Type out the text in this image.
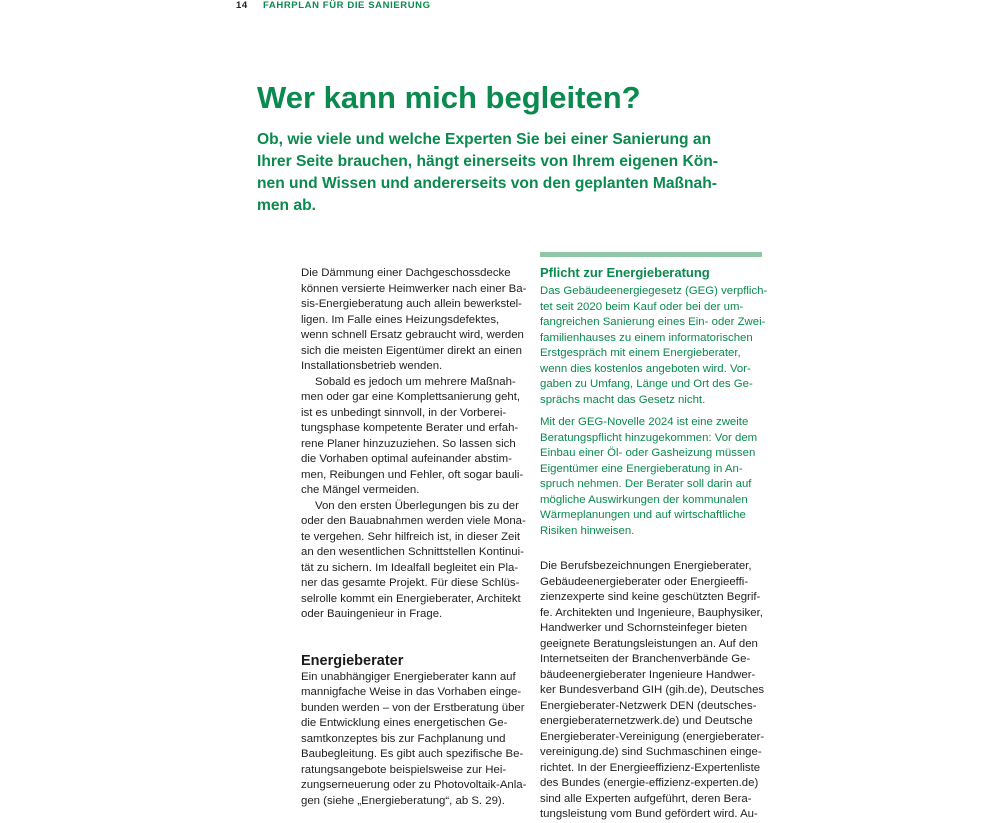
14 FAHRPLAN FÜR DIE SANIERUNG
Wer kann mich begleiten?
Ob, wie viele und welche Experten Sie bei einer Sanierung an
Ihrer Seite brauchen, hängt einerseits von Ihrem eigenen Kön-
nen und Wissen und andererseits von den geplanten Maßnah-
men ab.

Die Dämmung einer Dachgeschossdecke
können versierte Heimwerker nach einer Ba-
sis-Energieberatung auch allein bewerkstel-
ligen. Im Falle eines Heizungsdefektes,
wenn schnell Ersatz gebraucht wird, werden
sich die meisten Eigentümer direkt an einen
Installationsbetrieb wenden.

Sobald es jedoch um mehrere Maßnah-
men oder gar eine Komplettsanierung geht,
ist es unbedingt sinnvoll, in der Vorberei-
tungsphase kompetente Berater und erfah-
rene Planer hinzuzuziehen. So lassen sich
die Vorhaben optimal aufeinander abstim-
men, Reibungen und Fehler, oft sogar bauli-
che Mängel vermeiden.

Von den ersten Überlegungen bis zu der
oder den Bauabnahmen werden viele Mona-
te vergehen. Sehr hilfreich ist, in dieser Zeit
an den wesentlichen Schnittstellen Kontinui-
tät zu sichern. Im Idealfall begleitet ein Pla-
ner das gesamte Projekt. Für diese Schlüs-
selrolle kommt ein Energieberater, Architekt
oder Bauingenieur in Frage.

Energieberater

Ein unabhängiger Energieberater kann auf
mannigfache Weise in das Vorhaben einge-
bunden werden – von der Erstberatung über
die Entwicklung eines energetischen Ge-
samtkonzeptes bis zur Fachplanung und
Baubegleitung. Es gibt auch spezifische Be-
ratungsangebote beispielsweise zur Hei-
zungserneuerung oder zu Photovoltaik-Anla-
gen (siehe „Energieberatung“, ab S. 29).

Pflicht zur Energieberatung

Das Gebäudeenergiegesetz (GEG) verpflich-
tet seit 2020 beim Kauf oder bei der um-
fangreichen Sanierung eines Ein- oder Zwei-
familienhauses zu einem informatorischen
Erstgespräch mit einem Energieberater,
wenn dies kostenlos angeboten wird. Vor-
gaben zu Umfang, Länge und Ort des Ge-
sprächs macht das Gesetz nicht.

Mit der GEG-Novelle 2024 ist eine zweite
Beratungspflicht hinzugekommen: Vor dem
Einbau einer Öl- oder Gasheizung müssen
Eigentümer eine Energieberatung in An-
spruch nehmen. Der Berater soll darin auf
mögliche Auswirkungen der kommunalen
Wärmeplanungen und auf wirtschaftliche
Risiken hinweisen.

Die Berufsbezeichnungen Energieberater,
Gebäudeenergieberater oder Energieeffi-
zienzexperte sind keine geschützten Begrif-
fe. Architekten und Ingenieure, Bauphysiker,
Handwerker und Schornsteinfeger bieten
geeignete Beratungsleistungen an. Auf den
Internetseiten der Branchenverbände Ge-
bäudeenergieberater Ingenieure Handwer-
ker Bundesverband GIH (gih.de), Deutsches
Energieberater-Netzwerk DEN (deutsches-
energieberaternetzwerk.de) und Deutsche
Energieberater-Vereinigung (energieberater-
vereinigung.de) sind Suchmaschinen einge-
richtet. In der Energieeffizienz-Expertenliste
des Bundes (energie-effizienz-experten.de)
sind alle Experten aufgeführt, deren Bera-
tungsleistung vom Bund gefördert wird. Au-
